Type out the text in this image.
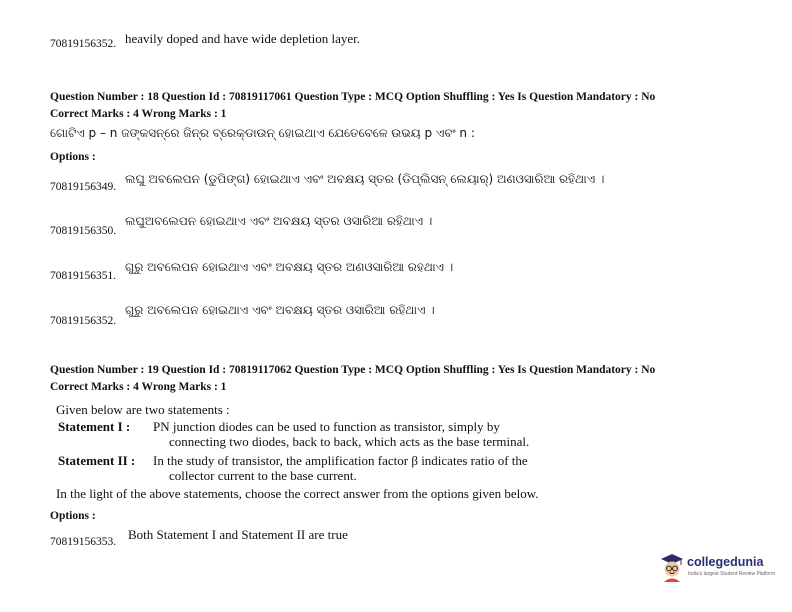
70819156352. heavily doped and have wide depletion layer.
Question Number : 18 Question Id : 70819117061 Question Type : MCQ Option Shuffling : Yes Is Question Mandatory : No
Correct Marks : 4 Wrong Marks : 1
ଗୋଟିଏ p – n ଜଙ୍କସନ୍‌ରେ ଜିନ୍‌ର ବ୍ରେକ୍‌ଡାଉନ୍ ହୋଇଥାଏ ଯେତେବେଳେ ଉଭୟ p ଏବଂ n :
Options :
70819156349.
ଲଘୁ ଅବଲେପନ (ଡୁପିଙ୍ଗ) ହୋଇଥାଏ ଏବଂ ଅବକ୍ଷୟ ସ୍ତର (ଡିପ୍ଲିସନ୍ ଲେୟାର୍) ଅଣଓସାରିଆ ରହିଥାଏ ।
70819156350.
ଲଘୁଅବଲେପନ ହୋଇଥାଏ ଏବଂ ଅବକ୍ଷୟ ସ୍ତର ଓସାରିଆ ରହିଥାଏ ।
70819156351.
ଗୁରୁ ଅବଲେପନ ହୋଇଥାଏ ଏବଂ ଅବକ୍ଷୟ ସ୍ତର ଅଣଓସାରିଆ ରହଥାଏ ।
70819156352.
ଗୁରୁ ଅବଲେପନ ହୋଇଥାଏ ଏବଂ ଅବକ୍ଷୟ ସ୍ତର ଓସାରିଆ ରହିଥାଏ ।
Question Number : 19 Question Id : 70819117062 Question Type : MCQ Option Shuffling : Yes Is Question Mandatory : No
Correct Marks : 4 Wrong Marks : 1
Given below are two statements :
Statement I : PN junction diodes can be used to function as transistor, simply by
connecting two diodes, back to back, which acts as the base terminal.
Statement II : In the study of transistor, the amplification factor β indicates ratio of the
collector current to the base current.
In the light of the above statements, choose the correct answer from the options given below.
Options :
70819156353. Both Statement I and Statement II are true
collegedunia
India's largest Student Review Platform
